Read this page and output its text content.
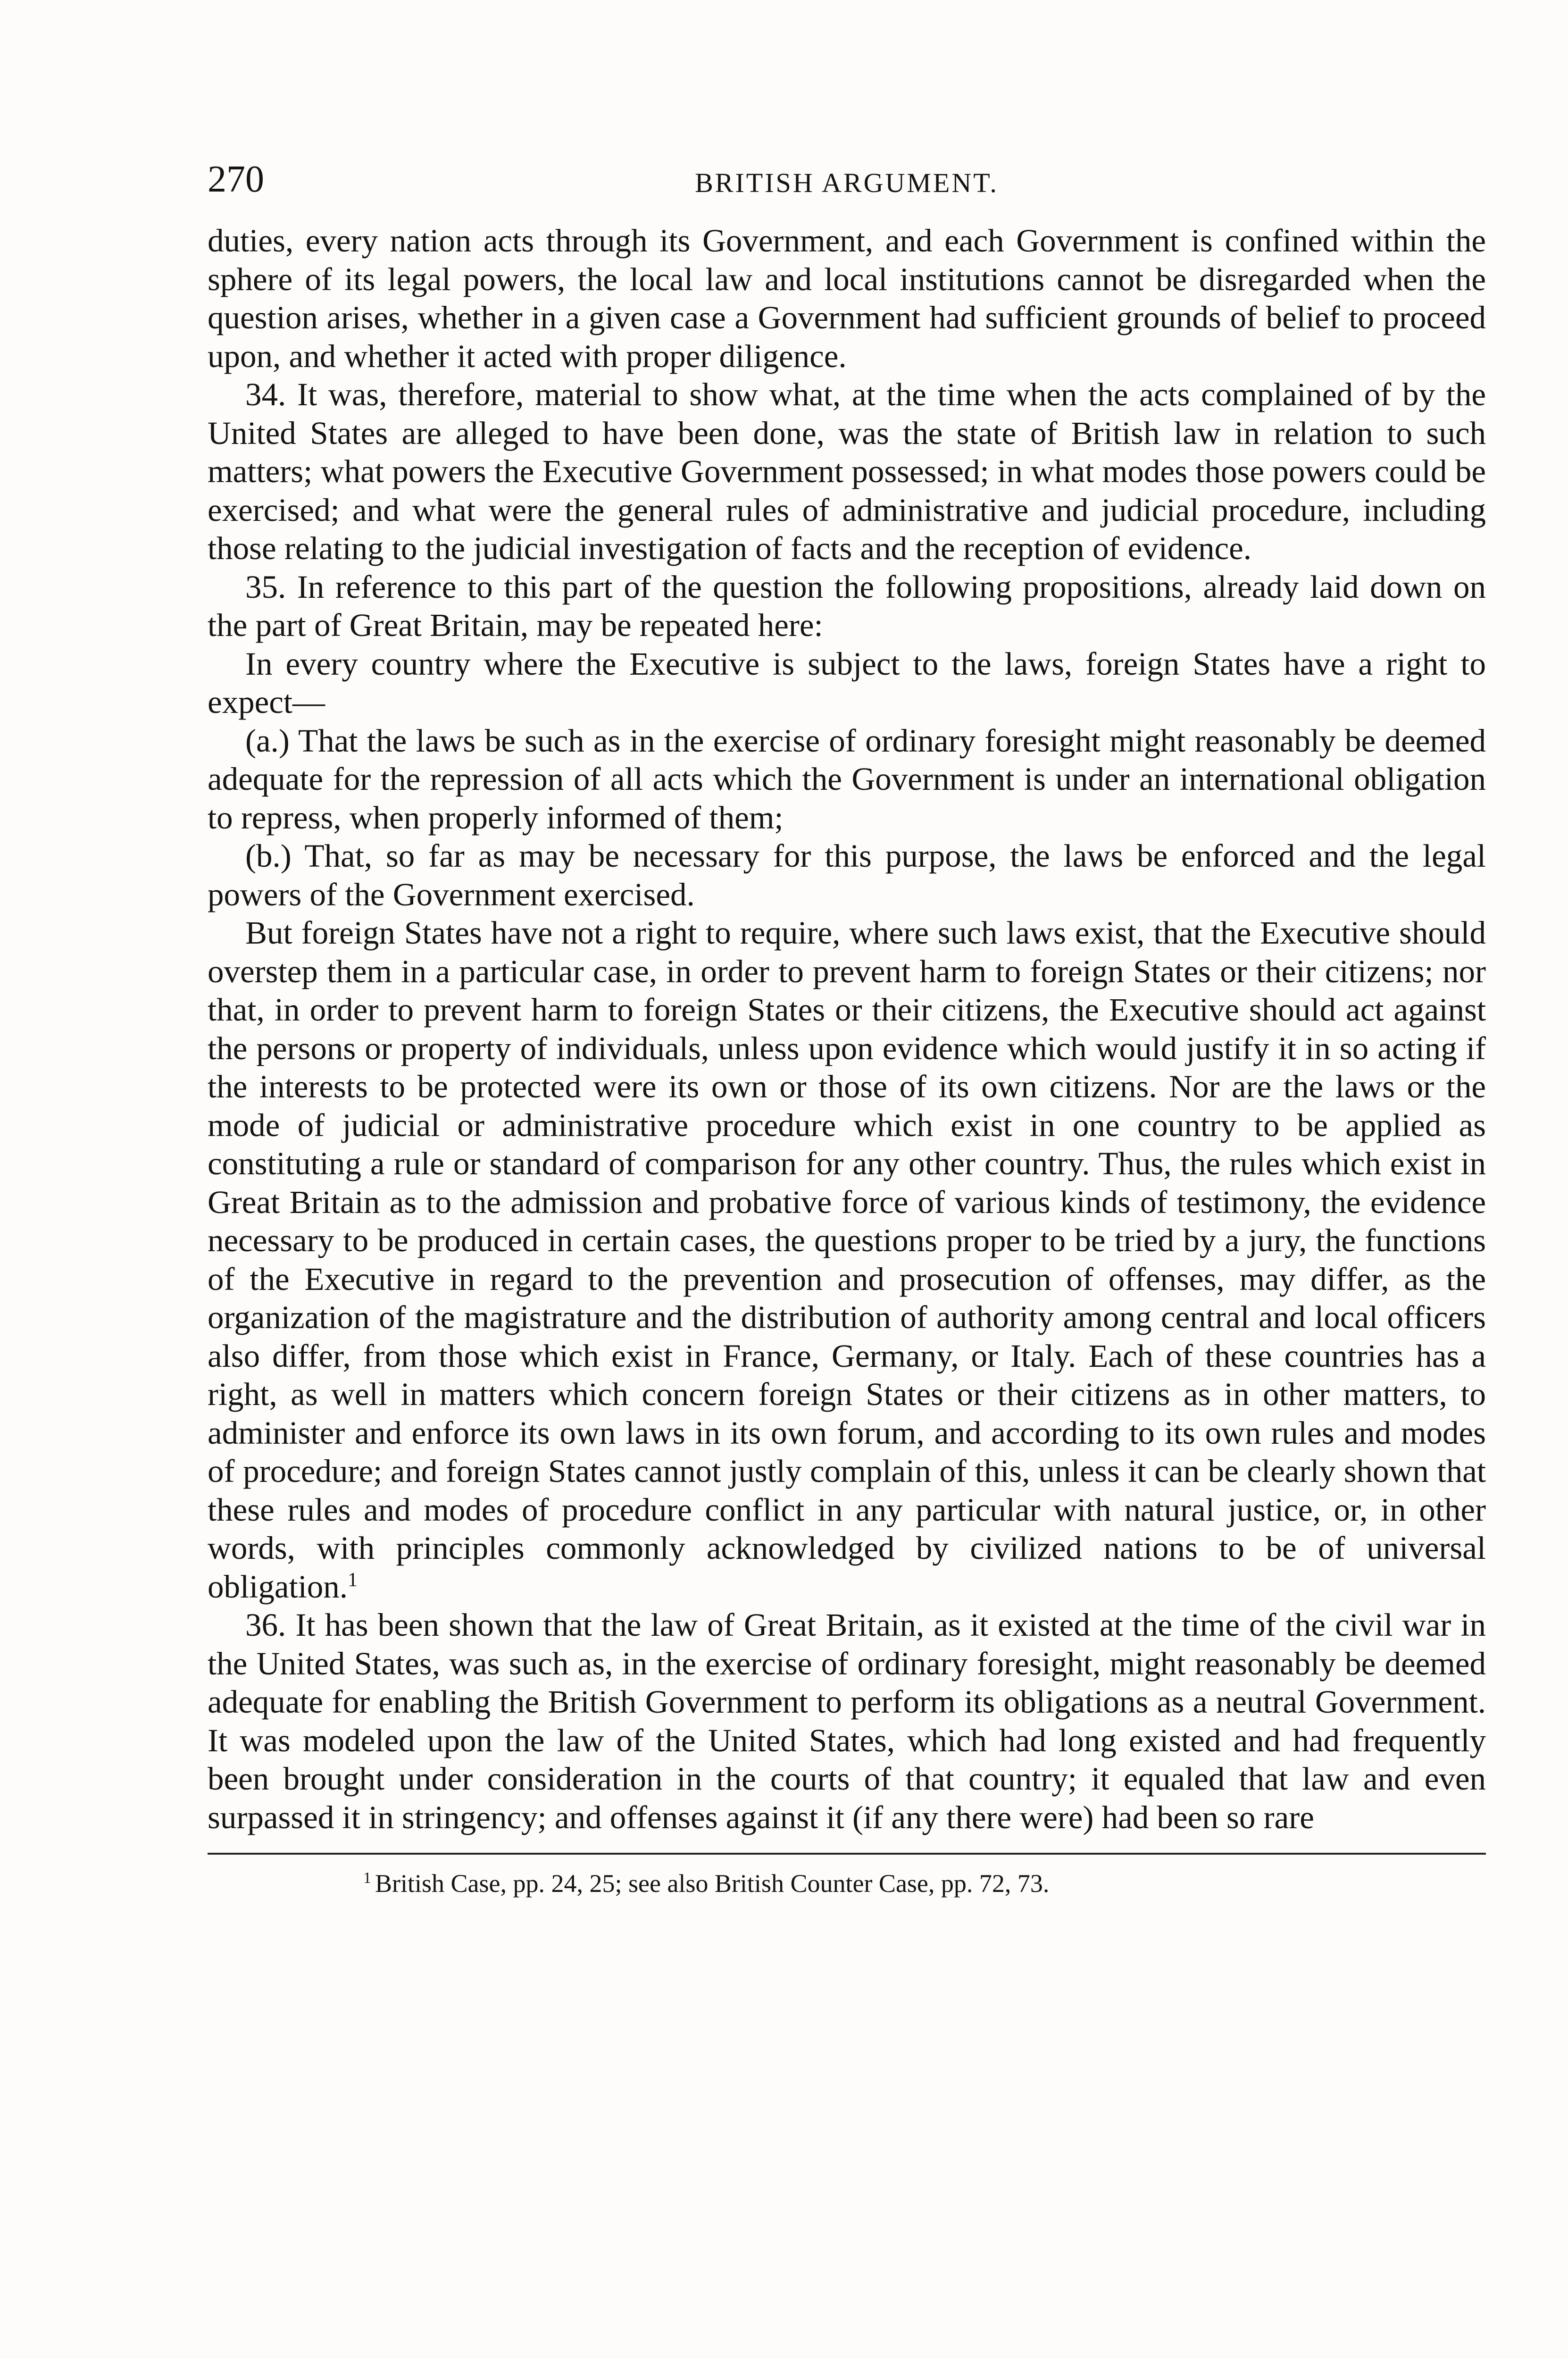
270	BRITISH ARGUMENT.

duties, every nation acts through its Government, and each Government is confined within the sphere of its legal powers, the local law and local institutions cannot be disregarded when the question arises, whether in a given case a Government had sufficient grounds of belief to proceed upon, and whether it acted with proper diligence.

34. It was, therefore, material to show what, at the time when the acts complained of by the United States are alleged to have been done, was the state of British law in relation to such matters; what powers the Executive Government possessed; in what modes those powers could be exercised; and what were the general rules of administrative and judicial procedure, including those relating to the judicial investigation of facts and the reception of evidence.

35. In reference to this part of the question the following propositions, already laid down on the part of Great Britain, may be repeated here:

In every country where the Executive is subject to the laws, foreign States have a right to expect—

(a.) That the laws be such as in the exercise of ordinary foresight might reasonably be deemed adequate for the repression of all acts which the Government is under an international obligation to repress, when properly informed of them;

(b.) That, so far as may be necessary for this purpose, the laws be enforced and the legal powers of the Government exercised.

But foreign States have not a right to require, where such laws exist, that the Executive should overstep them in a particular case, in order to prevent harm to foreign States or their citizens; nor that, in order to prevent harm to foreign States or their citizens, the Executive should act against the persons or property of individuals, unless upon evidence which would justify it in so acting if the interests to be protected were its own or those of its own citizens. Nor are the laws or the mode of judicial or administrative procedure which exist in one country to be applied as constituting a rule or standard of comparison for any other country. Thus, the rules which exist in Great Britain as to the admission and probative force of various kinds of testimony, the evidence necessary to be produced in certain cases, the questions proper to be tried by a jury, the functions of the Executive in regard to the prevention and prosecution of offenses, may differ, as the organization of the magistrature and the distribution of authority among central and local officers also differ, from those which exist in France, Germany, or Italy. Each of these countries has a right, as well in matters which concern foreign States or their citizens as in other matters, to administer and enforce its own laws in its own forum, and according to its own rules and modes of procedure; and foreign States cannot justly complain of this, unless it can be clearly shown that these rules and modes of procedure conflict in any particular with natural justice, or, in other words, with principles commonly acknowledged by civilized nations to be of universal obligation.$^1$

36. It has been shown that the law of Great Britain, as it existed at the time of the civil war in the United States, was such as, in the exercise of ordinary foresight, might reasonably be deemed adequate for enabling the British Government to perform its obligations as a neutral Government. It was modeled upon the law of the United States, which had long existed and had frequently been brought under consideration in the courts of that country; it equaled that law and even surpassed it in stringency; and offenses against it (if any there were) had been so rare

$^1$ British Case, pp. 24, 25; see also British Counter Case, pp. 72, 73.
